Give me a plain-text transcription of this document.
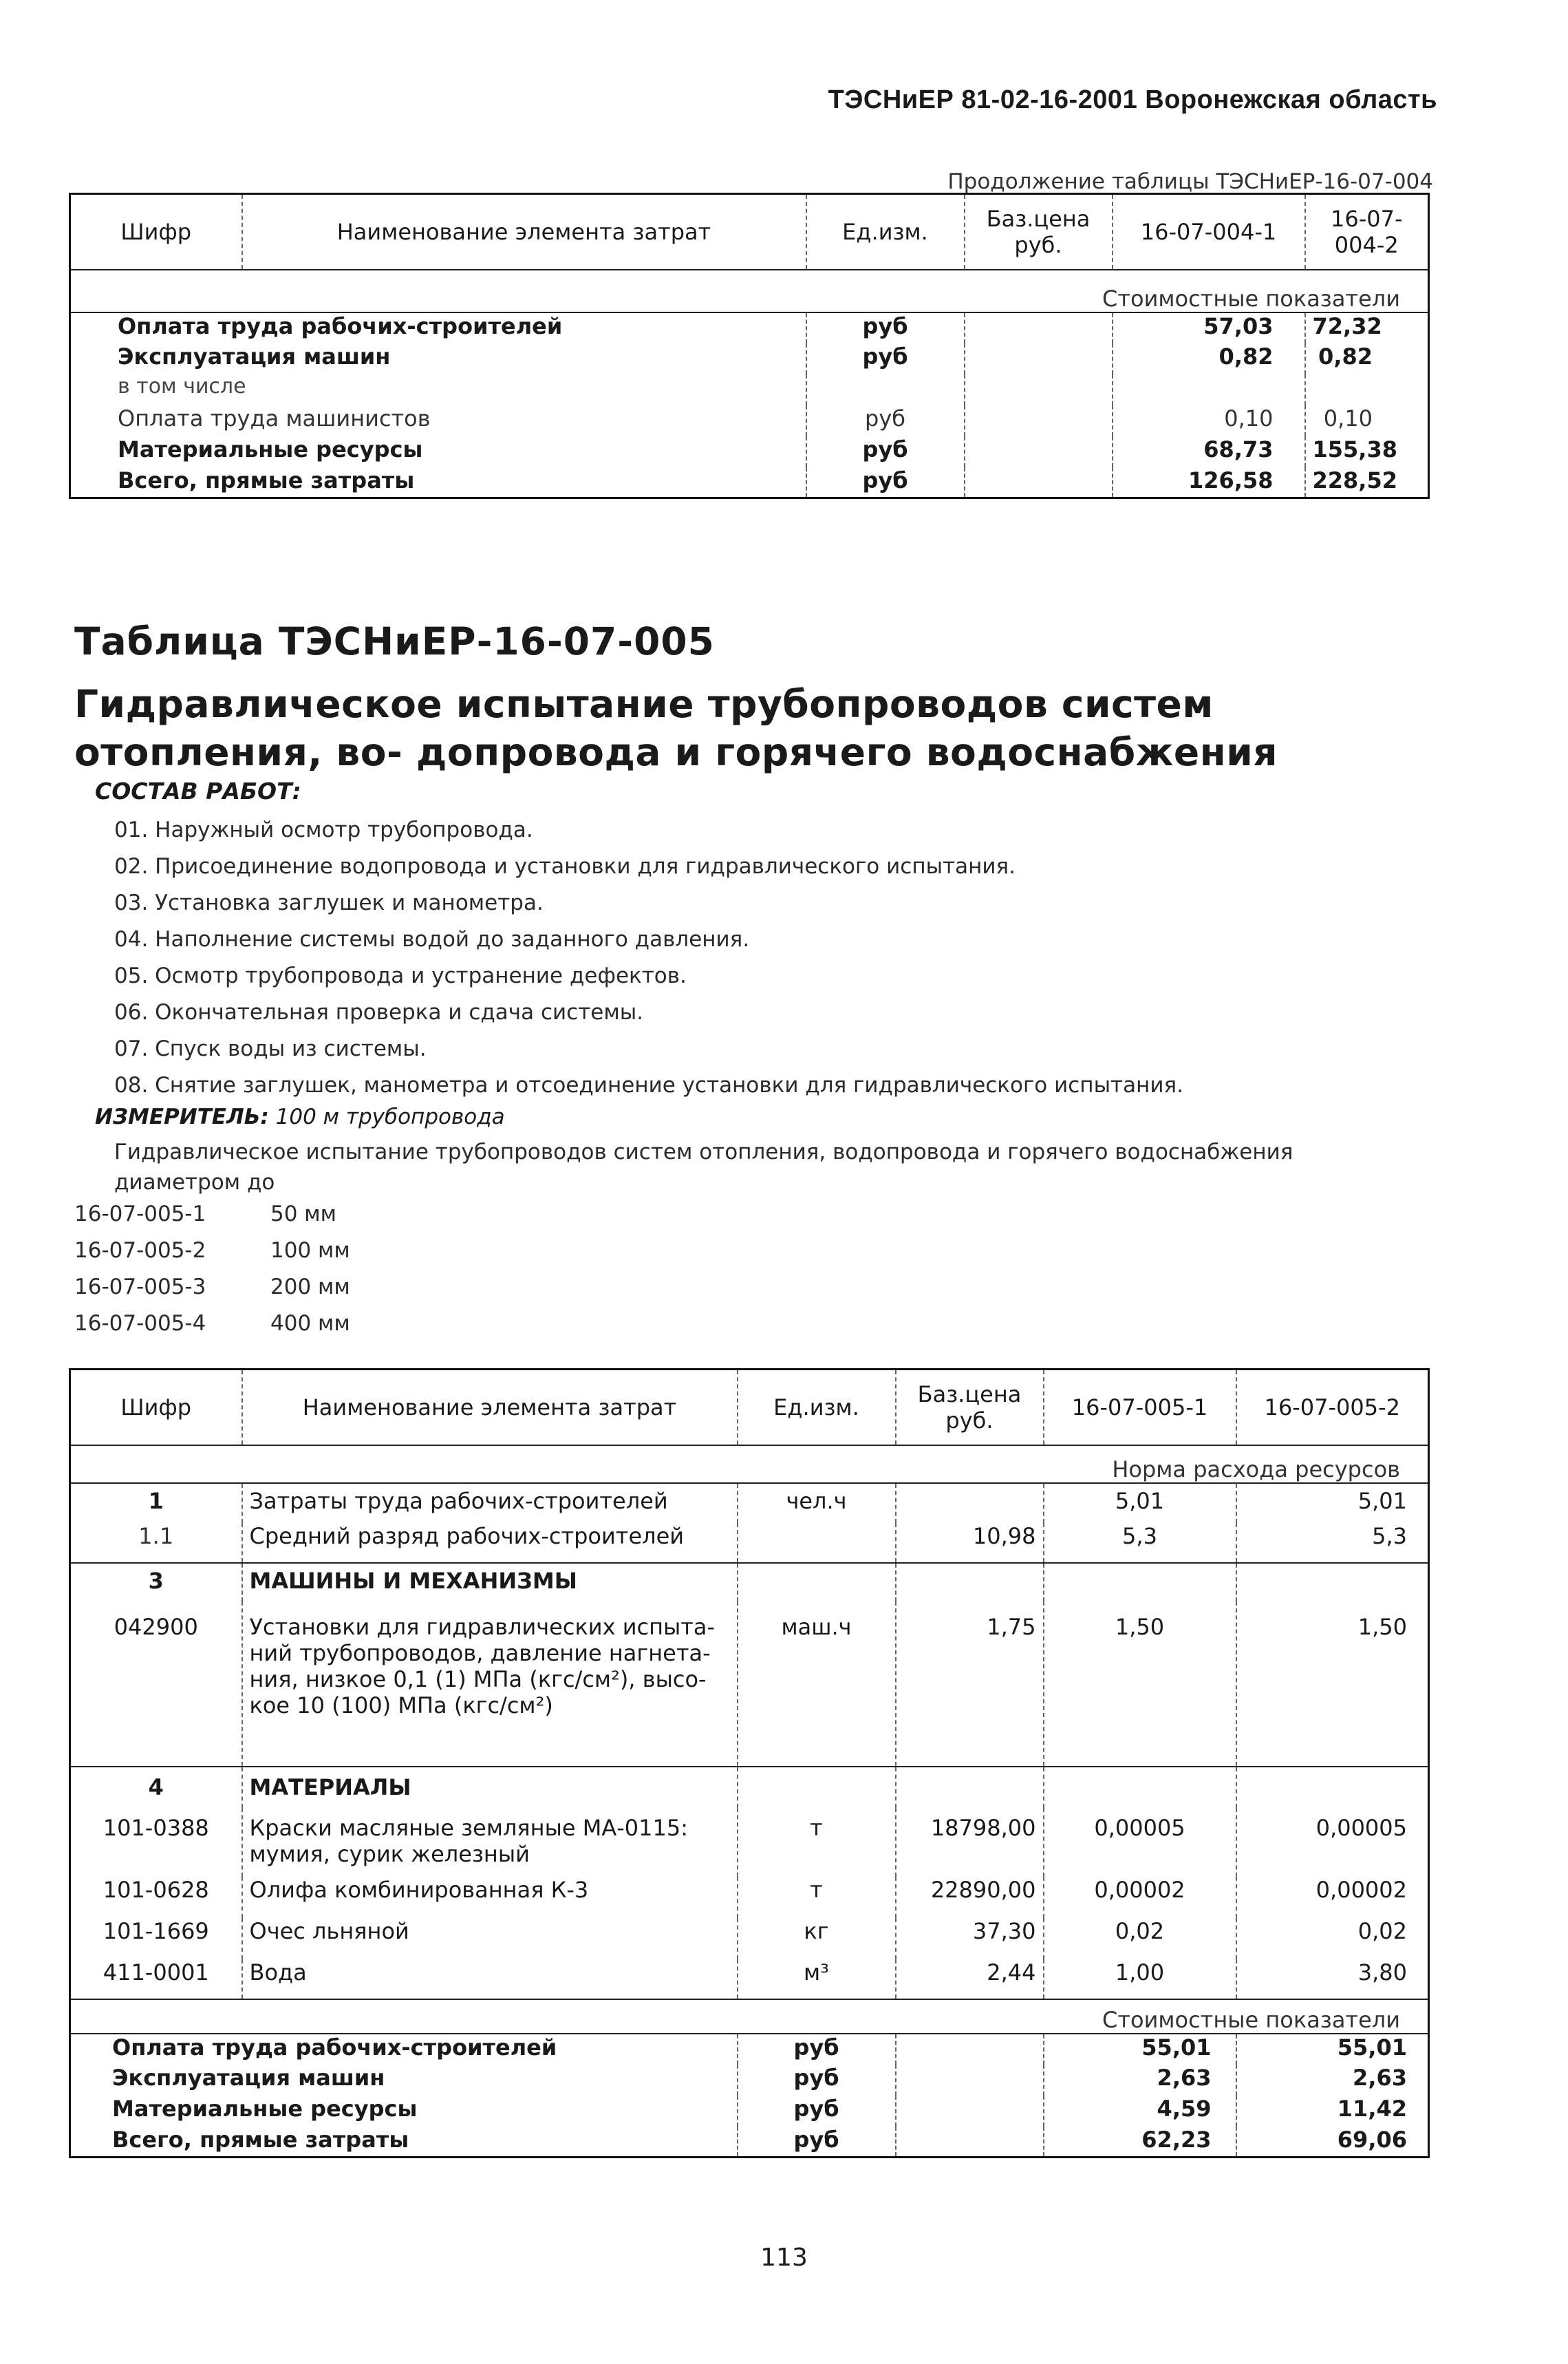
ТЭСНиЕР 81-02-16-2001 Воронежская область
Продолжение таблицы ТЭСНиЕР-16-07-004
Шифр	Наименование элемента затрат	Ед.изм.	Баз.цена руб.	16-07-004-1	16-07-004-2
Стоимостные показатели					
Оплата труда рабочих-строителей		руб		57,03	72,32
Эксплуатация машин		руб		0,82	0,82
в том числе					
Оплата труда машинистов		руб		0,10	0,10
Материальные ресурсы		руб		68,73	155,38
Всего, прямые затраты		руб		126,58	228,52
Таблица ТЭСНиЕР-16-07-005
Гидравлическое испытание трубопроводов систем отопления, во- допровода и горячего водоснабжения
СОСТАВ РАБОТ:
01. Наружный осмотр трубопровода.
02. Присоединение водопровода и установки для гидравлического испытания.
03. Установка заглушек и манометра.
04. Наполнение системы водой до заданного давления.
05. Осмотр трубопровода и устранение дефектов.
06. Окончательная проверка и сдача системы.
07. Спуск воды из системы.
08. Снятие заглушек, манометра и отсоединение установки для гидравлического испытания.
ИЗМЕРИТЕЛЬ: 100 м трубопровода
Гидравлическое испытание трубопроводов систем отопления, водопровода и горячего водоснабжения диаметром до
16-07-005-1	50 мм
16-07-005-2	100 мм
16-07-005-3	200 мм
16-07-005-4	400 мм
Шифр	Наименование элемента затрат	Ед.изм.	Баз.цена руб.	16-07-005-1	16-07-005-2
Норма расхода ресурсов					
1	Затраты труда рабочих-строителей	чел.ч		5,01	5,01
1.1	Средний разряд рабочих-строителей		10,98	5,3	5,3
3	МАШИНЫ И МЕХАНИЗМЫ				
042900	Установки для гидравлических испыта- ний трубопроводов, давление нагнета- ния, низкое 0,1 (1) МПа (кгс/см²), высо- кое 10 (100) МПа (кгс/см²)	маш.ч	1,75	1,50	1,50
4	МАТЕРИАЛЫ				
101-0388	Краски масляные земляные МА-0115: мумия, сурик железный	т	18798,00	0,00005	0,00005
101-0628	Олифа комбинированная К-3	т	22890,00	0,00002	0,00002
101-1669	Очес льняной	кг	37,30	0,02	0,02
411-0001	Вода	м³	2,44	1,00	3,80
Стоимостные показатели					
Оплата труда рабочих-строителей		руб		55,01	55,01
Эксплуатация машин		руб		2,63	2,63
Материальные ресурсы		руб		4,59	11,42
Всего, прямые затраты		руб		62,23	69,06
113
